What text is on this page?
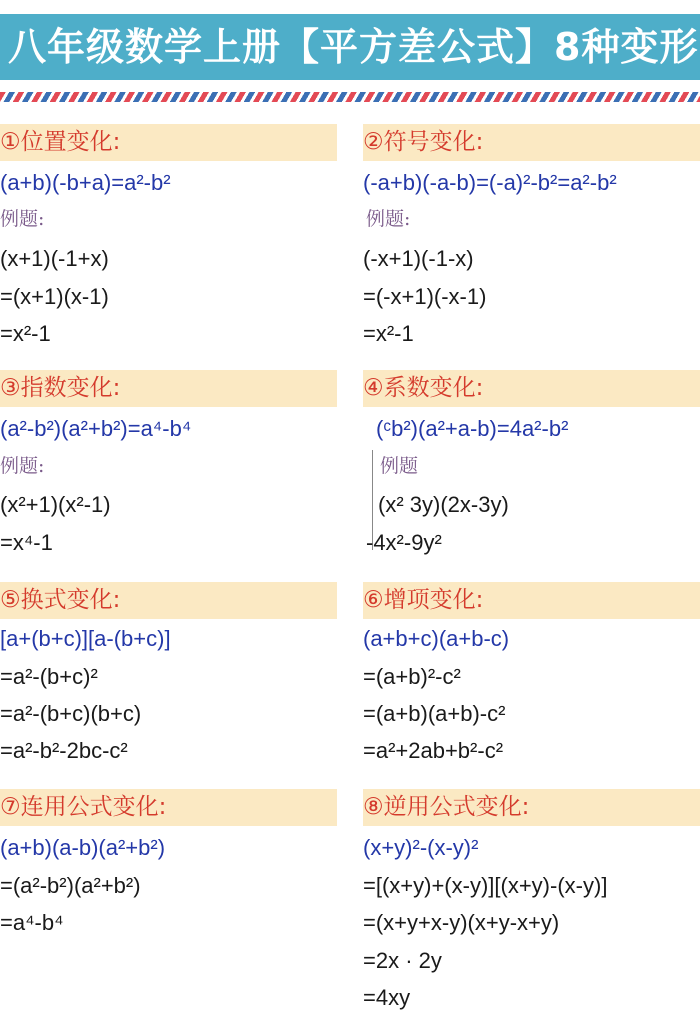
八年级数学上册【平方差公式】8种变形
①位置变化:
(a+b)(-b+a)=a²-b²
例题:
(x+1)(-1+x)
=(x+1)(x-1)
=x²-1
②符号变化:
(-a+b)(-a-b)=(-a)²-b²=a²-b²
例题:
(-x+1)(-1-x)
=(-x+1)(-x-1)
=x²-1
③指数变化:
(a²-b²)(a²+b²)=a⁴-b⁴
例题:
(x²+1)(x²-1)
=x⁴-1
④系数变化:
(ᶜb²)(a²+a-b)=4a²-b²
例题
(x² 3y)(2x-3y)
-4x²-9y²
⑤换式变化:
[a+(b+c)][a-(b+c)]
=a²-(b+c)²
=a²-(b+c)(b+c)
=a²-b²-2bc-c²
⑥增项变化:
(a+b+c)(a+b-c)
=(a+b)²-c²
=(a+b)(a+b)-c²
=a²+2ab+b²-c²
⑦连用公式变化:
(a+b)(a-b)(a²+b²)
=(a²-b²)(a²+b²)
=a⁴-b⁴
⑧逆用公式变化:
(x+y)²-(x-y)²
=[(x+y)+(x-y)][(x+y)-(x-y)]
=(x+y+x-y)(x+y-x+y)
=2x · 2y
=4xy
